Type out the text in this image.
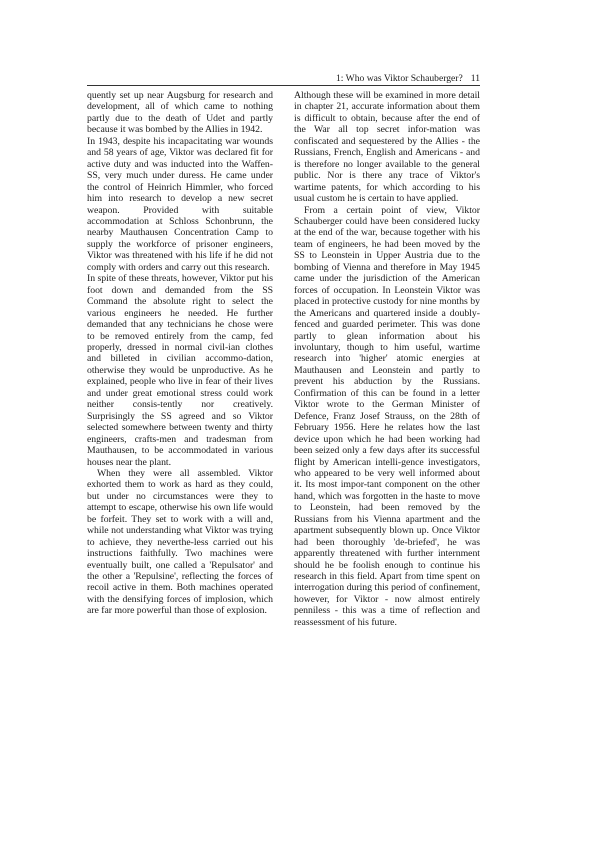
1: Who was Viktor Schauberger? 11

quently set up near Augsburg for research and development, all of which came to nothing partly due to the death of Udet and partly because it was bombed by the Allies in 1942.

In 1943, despite his incapacitating war wounds and 58 years of age, Viktor was declared fit for active duty and was inducted into the Waffen-SS, very much under duress. He came under the control of Heinrich Himmler, who forced him into research to develop a new secret weapon. Provided with suitable accommodation at Schloss Schonbrunn, the nearby Mauthausen Concentration Camp to supply the workforce of prisoner engineers, Viktor was threatened with his life if he did not comply with orders and carry out this research.

In spite of these threats, however, Viktor put his foot down and demanded from the SS Command the absolute right to select the various engineers he needed. He further demanded that any technicians he chose were to be removed entirely from the camp, fed properly, dressed in normal civil-ian clothes and billeted in civilian accommo-dation, otherwise they would be unproductive. As he explained, people who live in fear of their lives and under great emotional stress could work neither consis-tently nor creatively. Surprisingly the SS agreed and so Viktor selected somewhere between twenty and thirty engineers, crafts-men and tradesman from Mauthausen, to be accommodated in various houses near the plant.

When they were all assembled. Viktor exhorted them to work as hard as they could, but under no circumstances were they to attempt to escape, otherwise his own life would be forfeit. They set to work with a will and, while not understanding what Viktor was trying to achieve, they neverthe-less carried out his instructions faithfully. Two machines were eventually built, one called a 'Repulsator' and the other a 'Repulsine', reflecting the forces of recoil active in them. Both machines operated with the densifying forces of implosion, which are far more powerful than those of explosion.

Although these will be examined in more detail in chapter 21, accurate information about them is difficult to obtain, because after the end of the War all top secret infor-mation was confiscated and sequestered by the Allies - the Russians, French, English and Americans - and is therefore no longer available to the general public. Nor is there any trace of Viktor's wartime patents, for which according to his usual custom he is certain to have applied.

From a certain point of view, Viktor Schauberger could have been considered lucky at the end of the war, because together with his team of engineers, he had been moved by the SS to Leonstein in Upper Austria due to the bombing of Vienna and therefore in May 1945 came under the jurisdiction of the American forces of occupation. In Leonstein Viktor was placed in protective custody for nine months by the Americans and quartered inside a doubly-fenced and guarded perimeter. This was done partly to glean information about his involuntary, though to him useful, wartime research into 'higher' atomic energies at Mauthausen and Leonstein and partly to prevent his abduction by the Russians. Confirmation of this can be found in a letter Viktor wrote to the German Minister of Defence, Franz Josef Strauss, on the 28th of February 1956. Here he relates how the last device upon which he had been working had been seized only a few days after its successful flight by American intelli-gence investigators, who appeared to be very well informed about it. Its most impor-tant component on the other hand, which was forgotten in the haste to move to Leonstein, had been removed by the Russians from his Vienna apartment and the apartment subsequently blown up. Once Viktor had been thoroughly 'de-briefed', he was apparently threatened with further internment should he be foolish enough to continue his research in this field. Apart from time spent on interrogation during this period of confinement, however, for Viktor - now almost entirely penniless - this was a time of reflection and reassessment of his future.
